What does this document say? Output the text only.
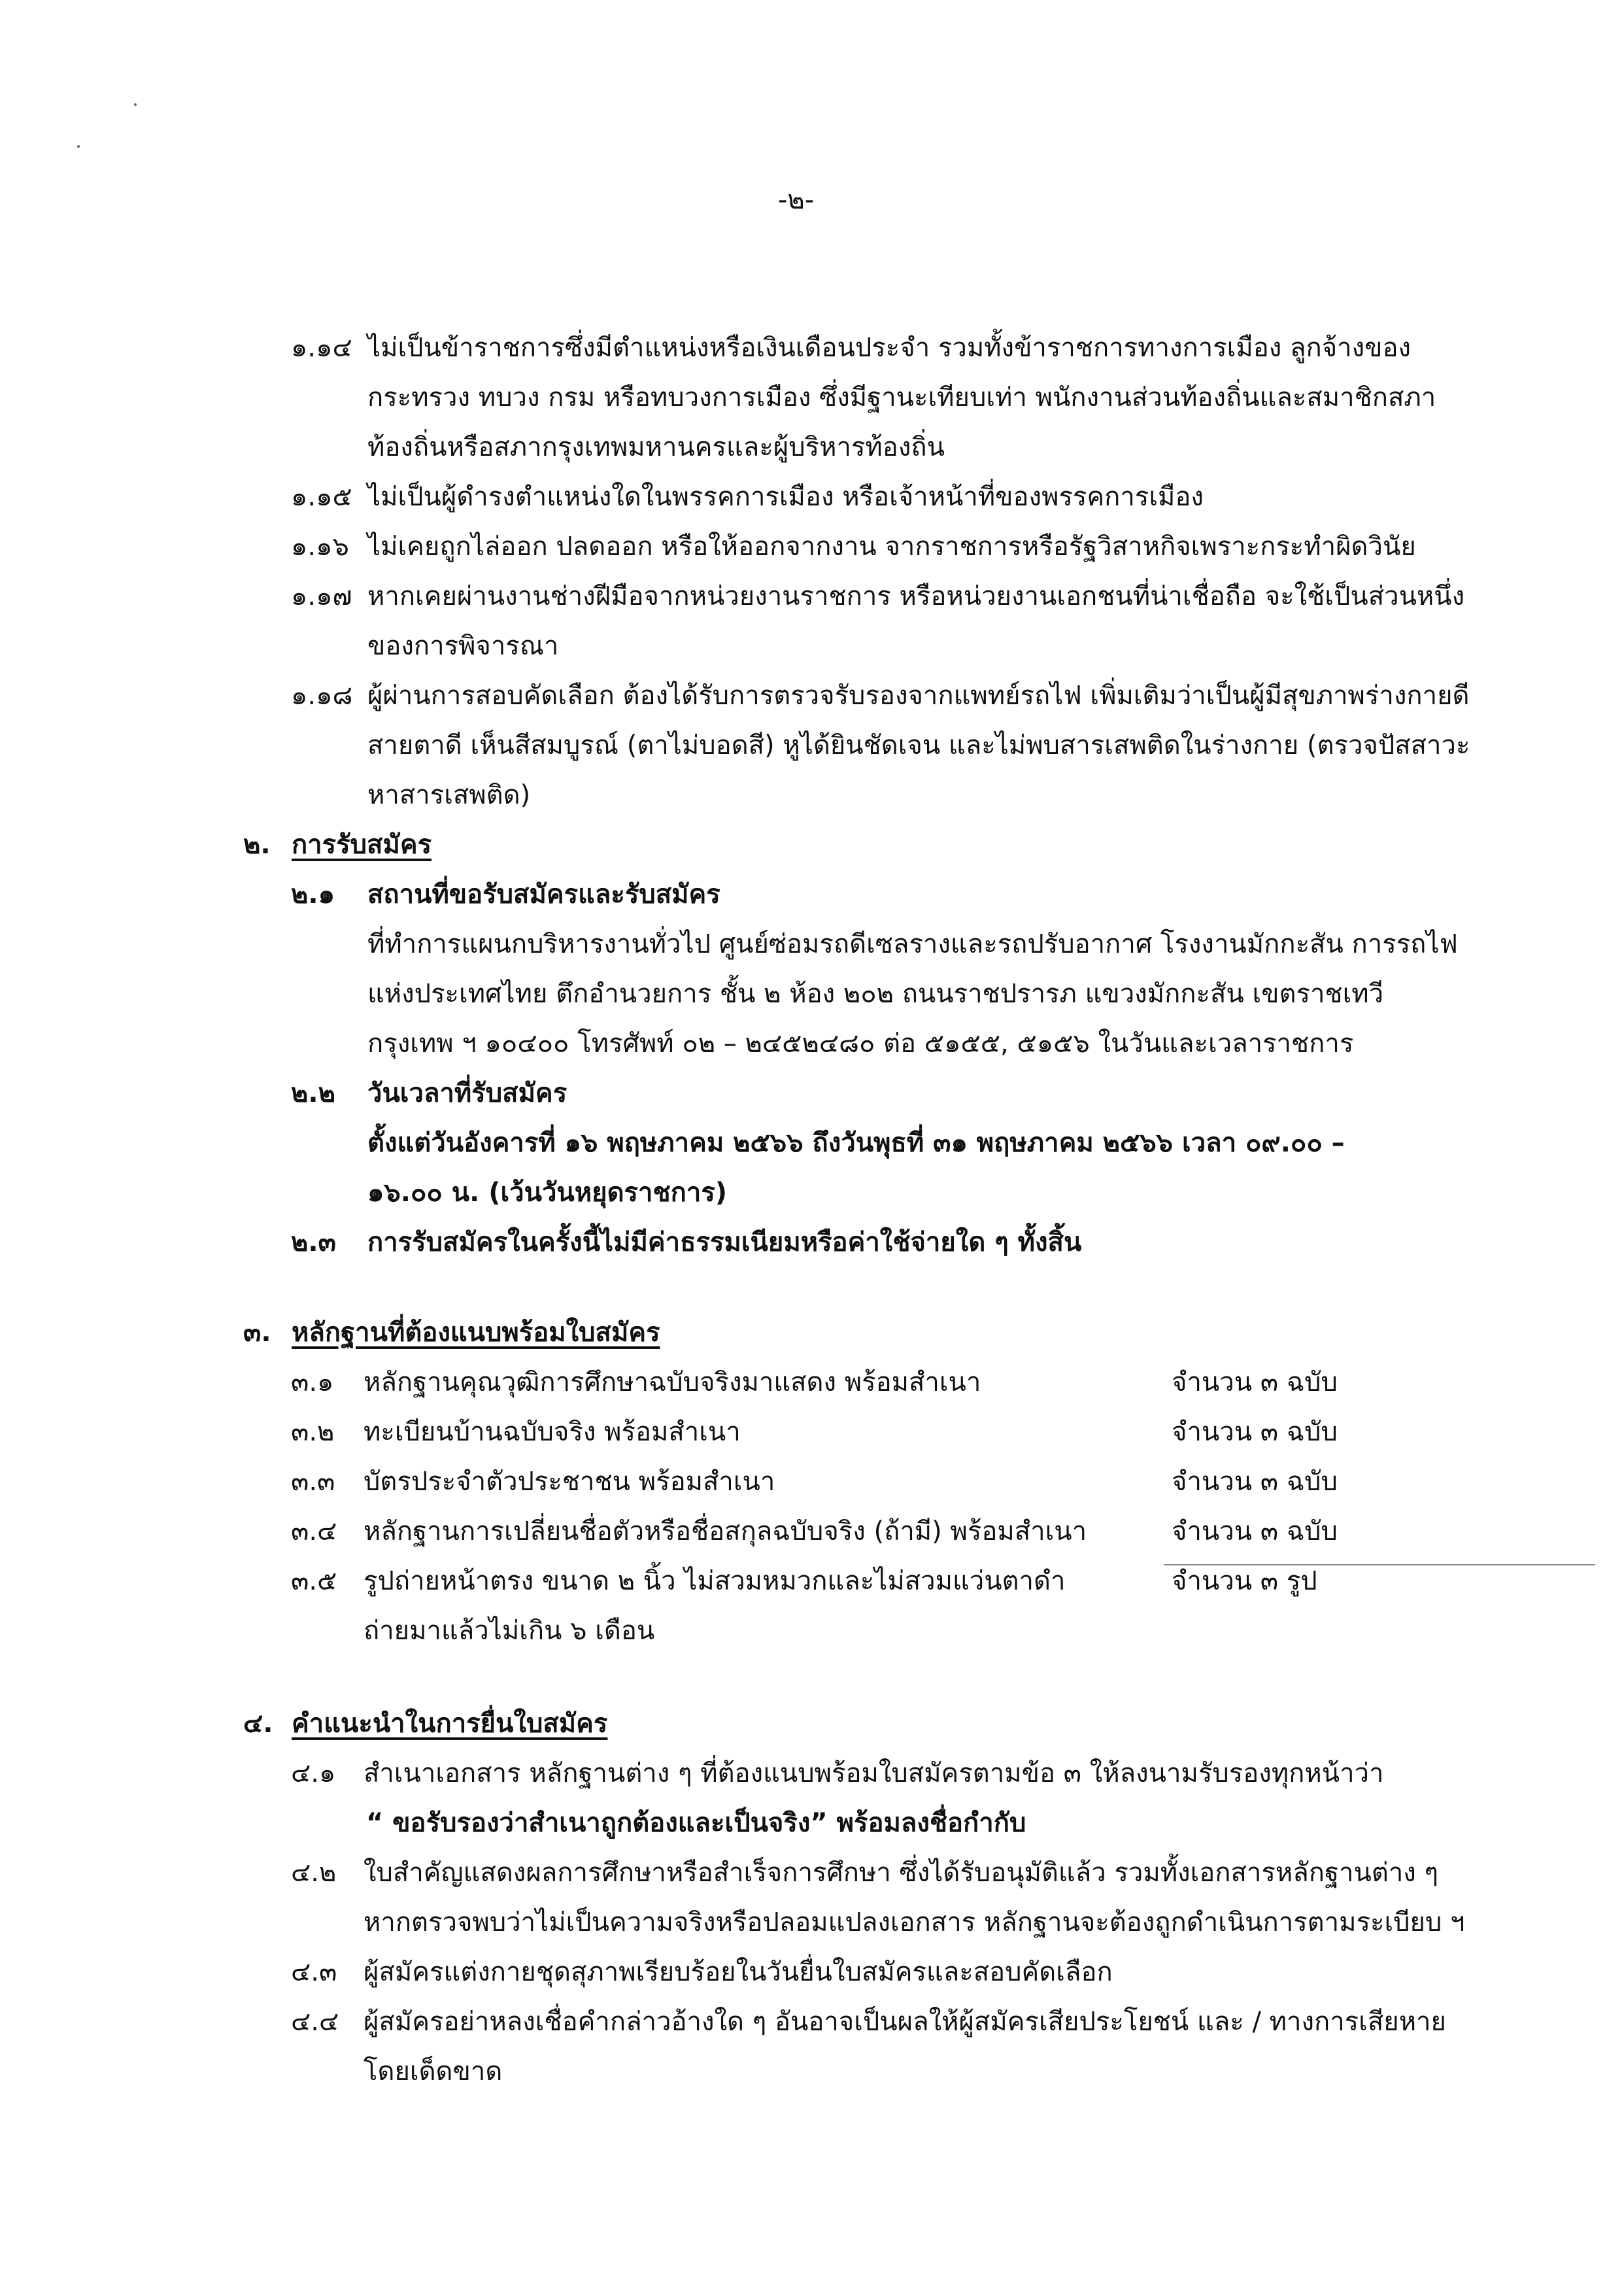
-๒-
๑.๑๔ ไม่เป็นข้าราชการซึ่งมีตำแหน่งหรือเงินเดือนประจำ รวมทั้งข้าราชการทางการเมือง ลูกจ้างของ
กระทรวง ทบวง กรม หรือทบวงการเมือง ซึ่งมีฐานะเทียบเท่า พนักงานส่วนท้องถิ่นและสมาชิกสภา
ท้องถิ่นหรือสภากรุงเทพมหานครและผู้บริหารท้องถิ่น
๑.๑๕ ไม่เป็นผู้ดำรงตำแหน่งใดในพรรคการเมือง หรือเจ้าหน้าที่ของพรรคการเมือง
๑.๑๖ ไม่เคยถูกไล่ออก ปลดออก หรือให้ออกจากงาน จากราชการหรือรัฐวิสาหกิจเพราะกระทำผิดวินัย
๑.๑๗ หากเคยผ่านงานช่างฝีมือจากหน่วยงานราชการ หรือหน่วยงานเอกชนที่น่าเชื่อถือ จะใช้เป็นส่วนหนึ่ง
ของการพิจารณา
๑.๑๘ ผู้ผ่านการสอบคัดเลือก ต้องได้รับการตรวจรับรองจากแพทย์รถไฟ เพิ่มเติมว่าเป็นผู้มีสุขภาพร่างกายดี
สายตาดี เห็นสีสมบูรณ์ (ตาไม่บอดสี) หูได้ยินชัดเจน และไม่พบสารเสพติดในร่างกาย (ตรวจปัสสาวะ
หาสารเสพติด)
๒. การรับสมัคร
๒.๑ สถานที่ขอรับสมัครและรับสมัคร
ที่ทำการแผนกบริหารงานทั่วไป ศูนย์ซ่อมรถดีเซลรางและรถปรับอากาศ โรงงานมักกะสัน การรถไฟ
แห่งประเทศไทย ตึกอำนวยการ ชั้น ๒ ห้อง ๒๐๒ ถนนราชปรารภ แขวงมักกะสัน เขตราชเทวี
กรุงเทพ ฯ ๑๐๔๐๐ โทรศัพท์ ๐๒ – ๒๔๕๒๔๘๐ ต่อ ๕๑๕๕, ๕๑๕๖ ในวันและเวลาราชการ
๒.๒ วันเวลาที่รับสมัคร
ตั้งแต่วันอังคารที่ ๑๖ พฤษภาคม ๒๕๖๖ ถึงวันพุธที่ ๓๑ พฤษภาคม ๒๕๖๖ เวลา ๐๙.๐๐ –
๑๖.๐๐ น. (เว้นวันหยุดราชการ)
๒.๓ การรับสมัครในครั้งนี้ไม่มีค่าธรรมเนียมหรือค่าใช้จ่ายใด ๆ ทั้งสิ้น
๓. หลักฐานที่ต้องแนบพร้อมใบสมัคร
๓.๑ หลักฐานคุณวุฒิการศึกษาฉบับจริงมาแสดง พร้อมสำเนา	จำนวน ๓ ฉบับ
๓.๒ ทะเบียนบ้านฉบับจริง พร้อมสำเนา	จำนวน ๓ ฉบับ
๓.๓ บัตรประจำตัวประชาชน พร้อมสำเนา	จำนวน ๓ ฉบับ
๓.๔ หลักฐานการเปลี่ยนชื่อตัวหรือชื่อสกุลฉบับจริง (ถ้ามี) พร้อมสำเนา	จำนวน ๓ ฉบับ
๓.๕ รูปถ่ายหน้าตรง ขนาด ๒ นิ้ว ไม่สวมหมวกและไม่สวมแว่นตาดำ	จำนวน ๓ รูป
ถ่ายมาแล้วไม่เกิน ๖ เดือน
๔. คำแนะนำในการยื่นใบสมัคร
๔.๑ สำเนาเอกสาร หลักฐานต่าง ๆ ที่ต้องแนบพร้อมใบสมัครตามข้อ ๓ ให้ลงนามรับรองทุกหน้าว่า
“ ขอรับรองว่าสำเนาถูกต้องและเป็นจริง” พร้อมลงชื่อกำกับ
๔.๒ ใบสำคัญแสดงผลการศึกษาหรือสำเร็จการศึกษา ซึ่งได้รับอนุมัติแล้ว รวมทั้งเอกสารหลักฐานต่าง ๆ
หากตรวจพบว่าไม่เป็นความจริงหรือปลอมแปลงเอกสาร หลักฐานจะต้องถูกดำเนินการตามระเบียบ ฯ
๔.๓ ผู้สมัครแต่งกายชุดสุภาพเรียบร้อยในวันยื่นใบสมัครและสอบคัดเลือก
๔.๔ ผู้สมัครอย่าหลงเชื่อคำกล่าวอ้างใด ๆ อันอาจเป็นผลให้ผู้สมัครเสียประโยชน์ และ / ทางการเสียหาย
โดยเด็ดขาด
